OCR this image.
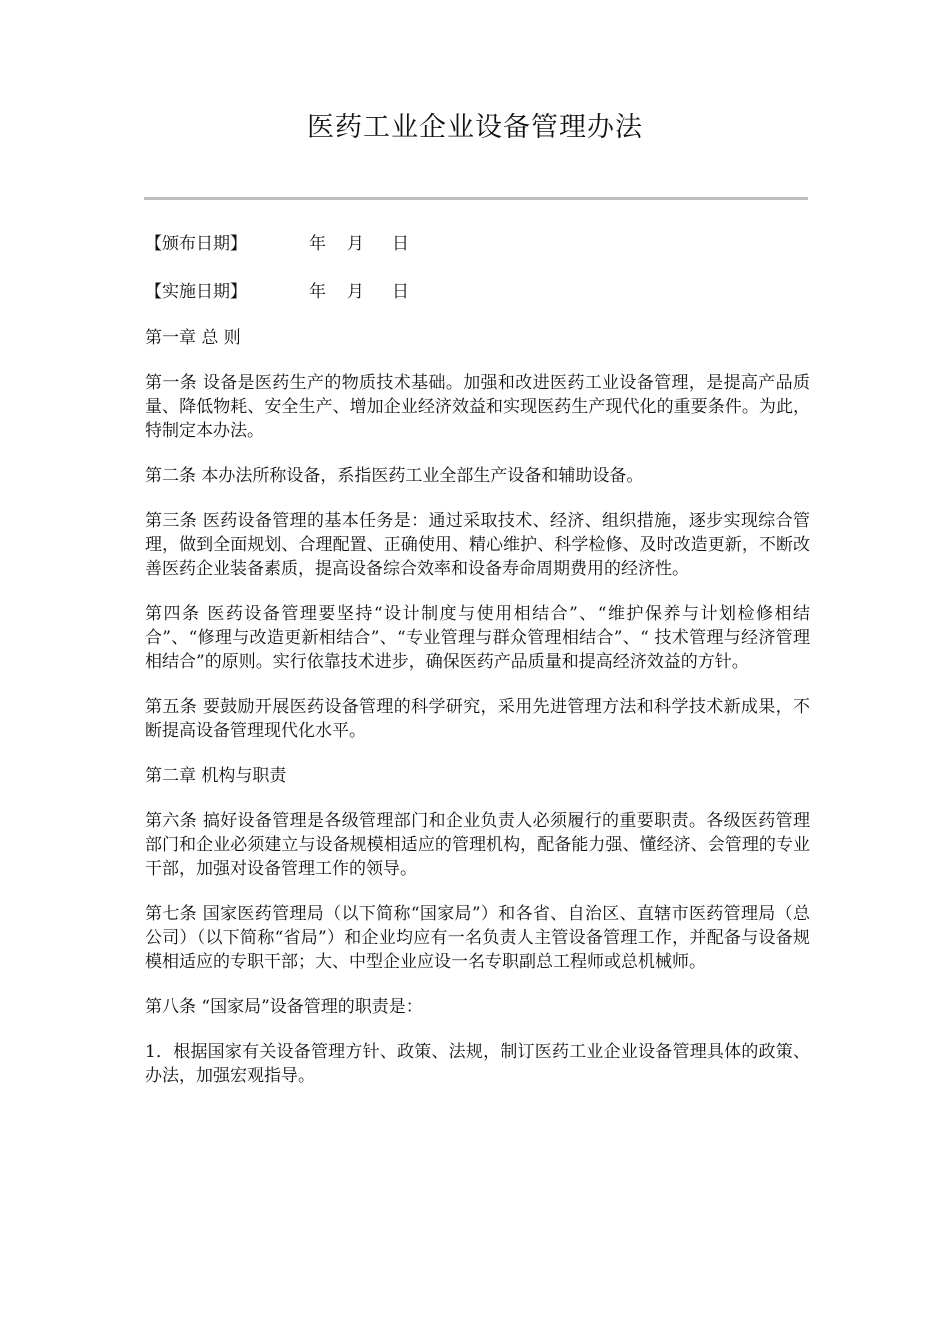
医药工业企业设备管理办法
【颁布日期】	年 月 日
【实施日期】	年 月 日

第一章 总 则

第一条 设备是医药生产的物质技术基础。加强和改进医药工业设备管理，是提高产品质量、降低物耗、安全生产、增加企业经济效益和实现医药生产现代化的重要条件。为此，特制定本办法。

第二条 本办法所称设备，系指医药工业全部生产设备和辅助设备。

第三条 医药设备管理的基本任务是：通过采取技术、经济、组织措施，逐步实现综合管理，做到全面规划、合理配置、正确使用、精心维护、科学检修、及时改造更新，不断改善医药企业装备素质，提高设备综合效率和设备寿命周期费用的经济性。

第四条 医药设备管理要坚持“设计制度与使用相结合”、“维护保养与计划检修相结合”、“修理与改造更新相结合”、“专业管理与群众管理相结合”、“ 技术管理与经济管理相结合”的原则。实行依靠技术进步，确保医药产品质量和提高经济效益的方针。

第五条 要鼓励开展医药设备管理的科学研究，采用先进管理方法和科学技术新成果，不断提高设备管理现代化水平。

第二章 机构与职责

第六条 搞好设备管理是各级管理部门和企业负责人必须履行的重要职责。各级医药管理部门和企业必须建立与设备规模相适应的管理机构，配备能力强、懂经济、会管理的专业干部，加强对设备管理工作的领导。

第七条 国家医药管理局（以下简称“国家局”）和各省、自治区、直辖市医药管理局（总公司）（以下简称“省局”）和企业均应有一名负责人主管设备管理工作，并配备与设备规模相适应的专职干部；大、中型企业应设一名专职副总工程师或总机械师。

第八条 “国家局”设备管理的职责是：

1．根据国家有关设备管理方针、政策、法规，制订医药工业企业设备管理具体的政策、办法，加强宏观指导。
